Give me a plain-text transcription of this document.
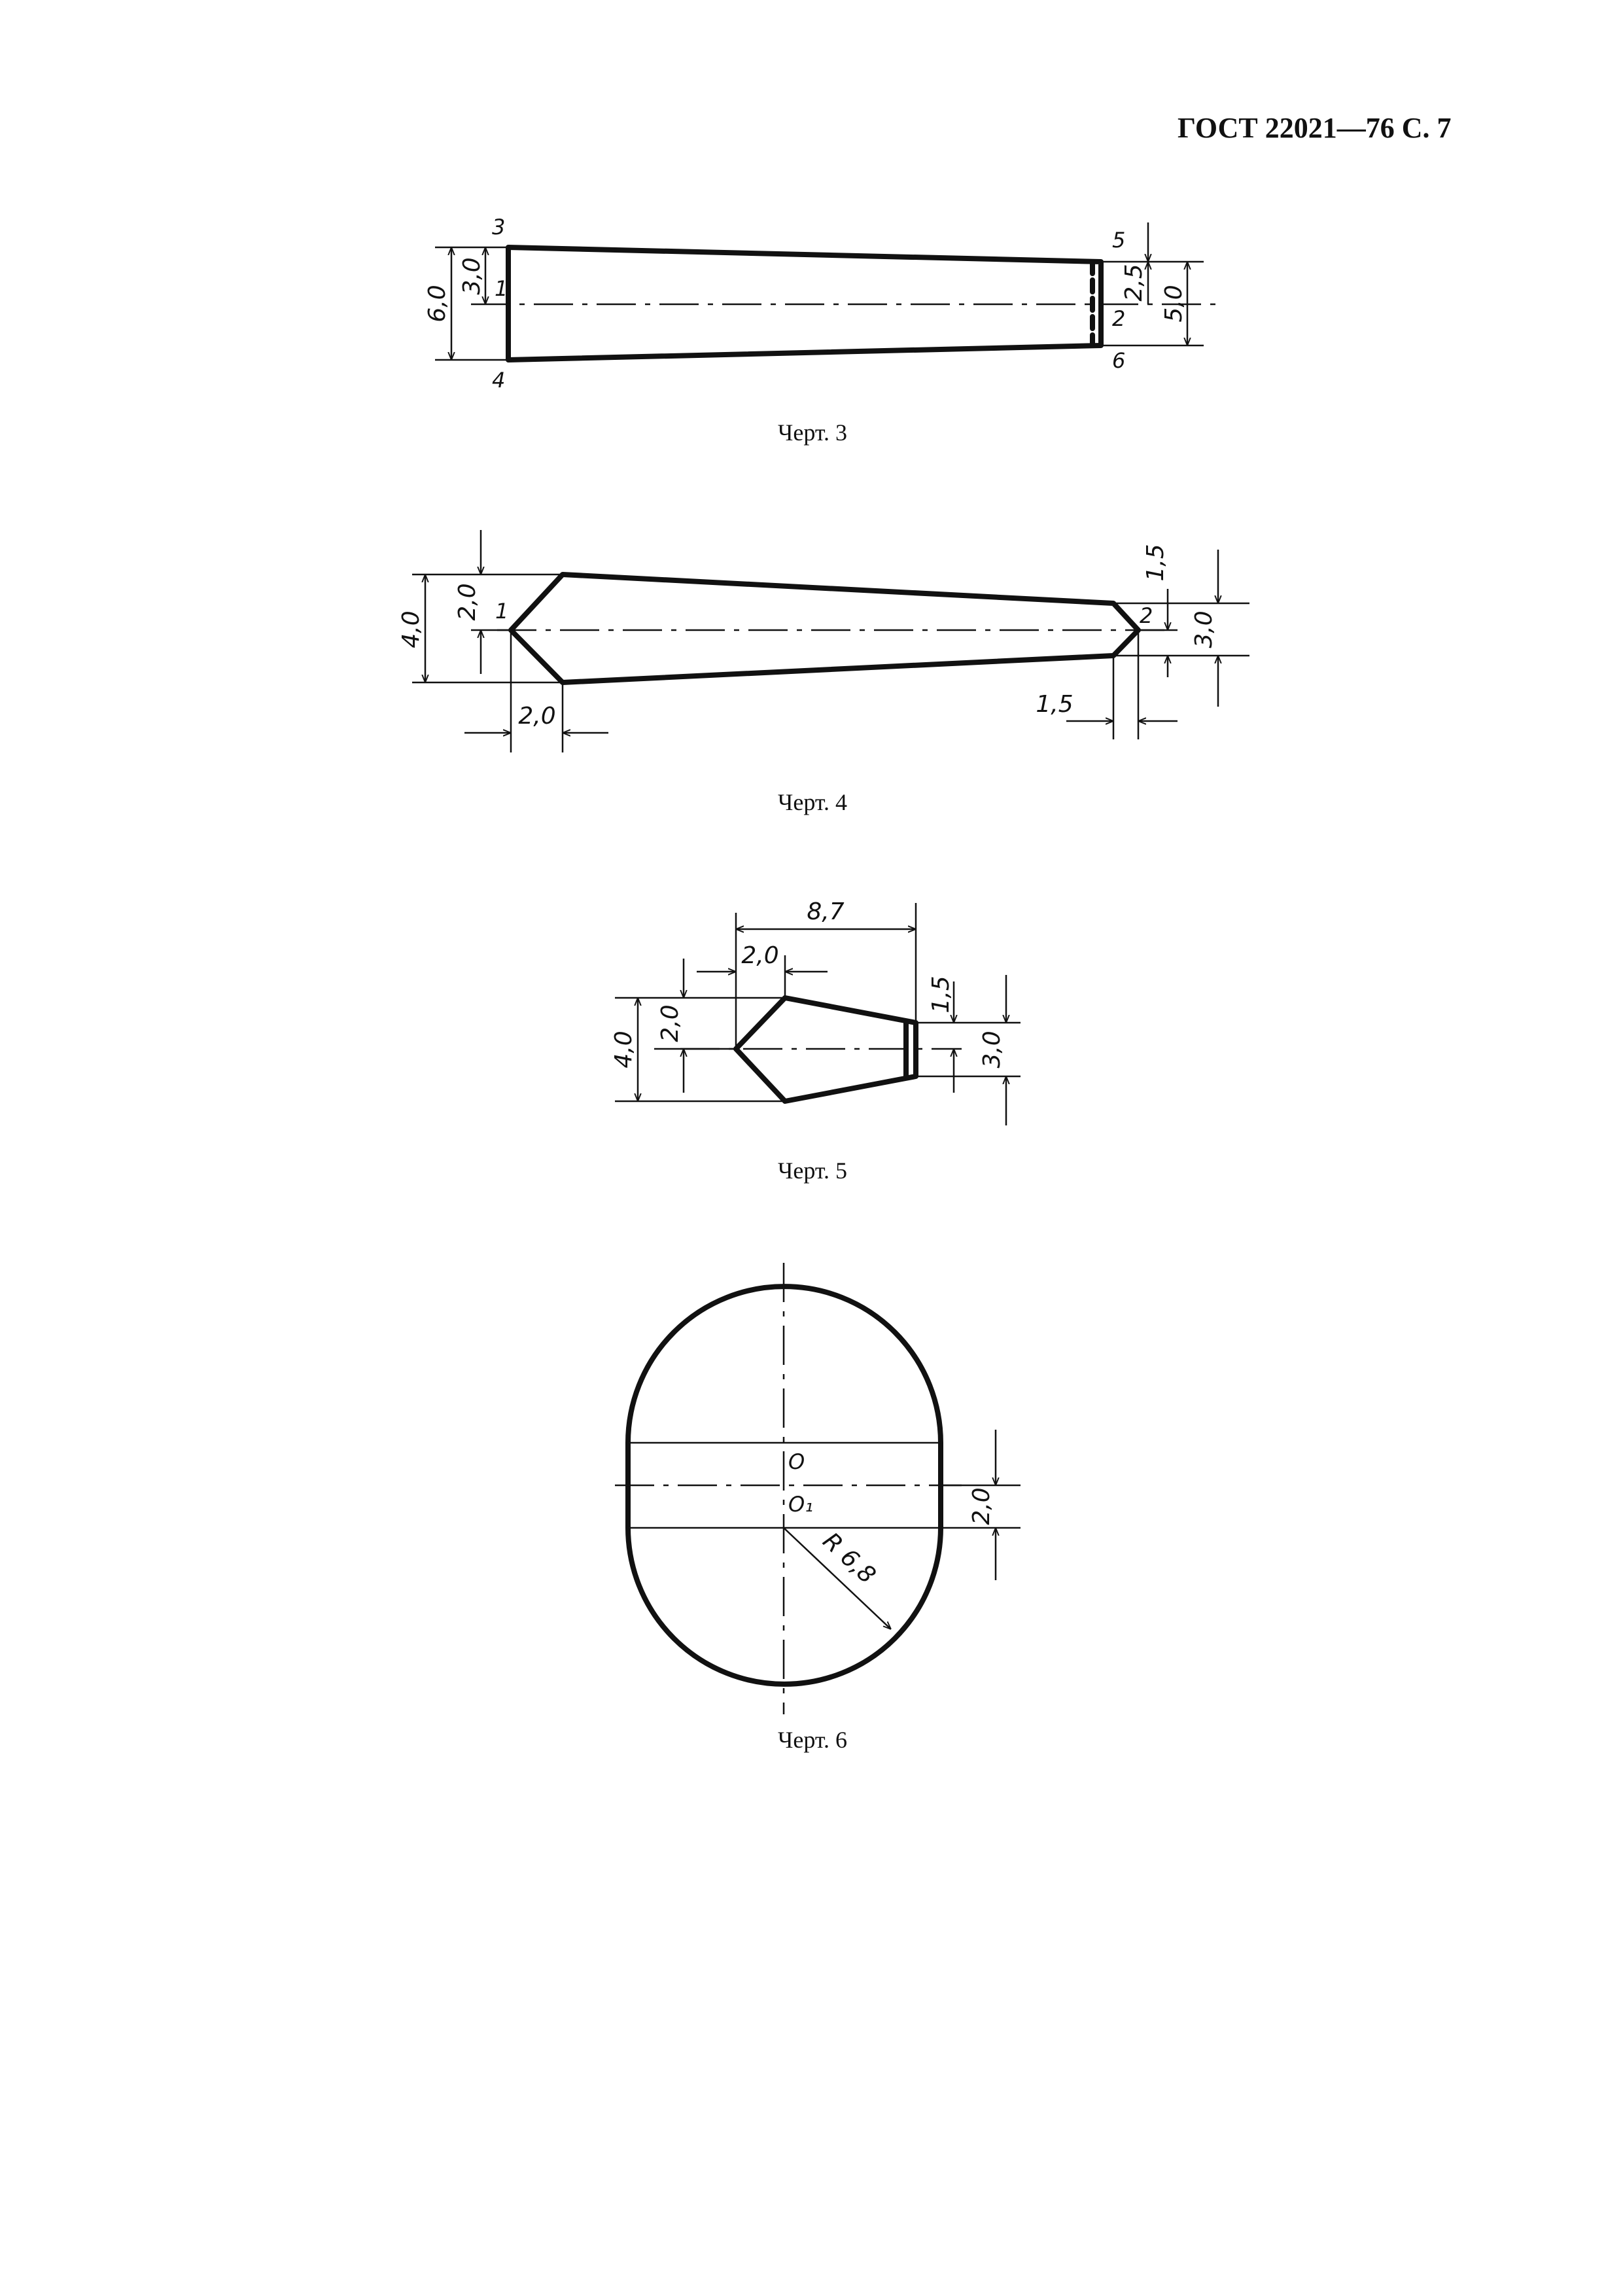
ГОСТ 22021—76 С. 7
6,0
3,0	2,5
5,0
1
2
3
4
5
6
4,0
2,0
2,0	1,5
1,5
3,0
1	2
8,7
2,0
2,0
4,0
1,5
3,0
R 6,8
2,0
O
O₁
Черт. 3
Черт. 4
Черт. 5
Черт. 6
